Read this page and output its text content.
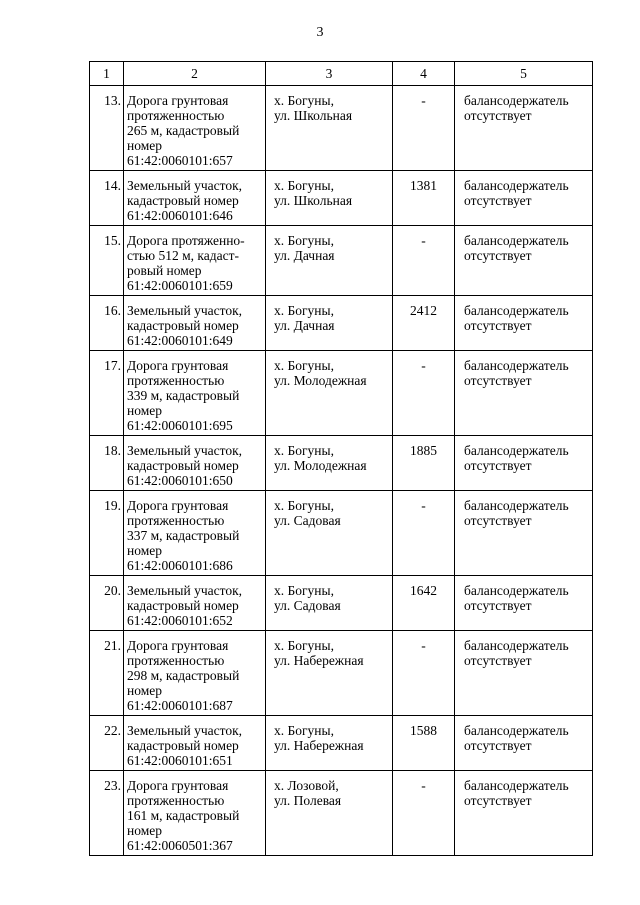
3
1	2	3	4	5
13.	Дорога грунтовая
протяженностью
265 м, кадастровый
номер
61:42:0060101:657	х. Богуны,
ул. Школьная	-	балансодержатель
отсутствует

14.	Земельный участок,
кадастровый номер
61:42:0060101:646	х. Богуны,
ул. Школьная	1381	балансодержатель
отсутствует

15.	Дорога протяженно-
стью 512 м, кадаст-
ровый номер
61:42:0060101:659	х. Богуны,
ул. Дачная	-	балансодержатель
отсутствует

16.	Земельный участок,
кадастровый номер
61:42:0060101:649	х. Богуны,
ул. Дачная	2412	балансодержатель
отсутствует

17.	Дорога грунтовая
протяженностью
339 м, кадастровый
номер
61:42:0060101:695	х. Богуны,
ул. Молодежная	-	балансодержатель
отсутствует

18.	Земельный участок,
кадастровый номер
61:42:0060101:650	х. Богуны,
ул. Молодежная	1885	балансодержатель
отсутствует

19.	Дорога грунтовая
протяженностью
337 м, кадастровый
номер
61:42:0060101:686	х. Богуны,
ул. Садовая	-	балансодержатель
отсутствует

20.	Земельный участок,
кадастровый номер
61:42:0060101:652	х. Богуны,
ул. Садовая	1642	балансодержатель
отсутствует

21.	Дорога грунтовая
протяженностью
298 м, кадастровый
номер
61:42:0060101:687	х. Богуны,
ул. Набережная	-	балансодержатель
отсутствует

22.	Земельный участок,
кадастровый номер
61:42:0060101:651	х. Богуны,
ул. Набережная	1588	балансодержатель
отсутствует

23.	Дорога грунтовая
протяженностью
161 м, кадастровый
номер
61:42:0060501:367	х. Лозовой,
ул. Полевая	-	балансодержатель
отсутствует
